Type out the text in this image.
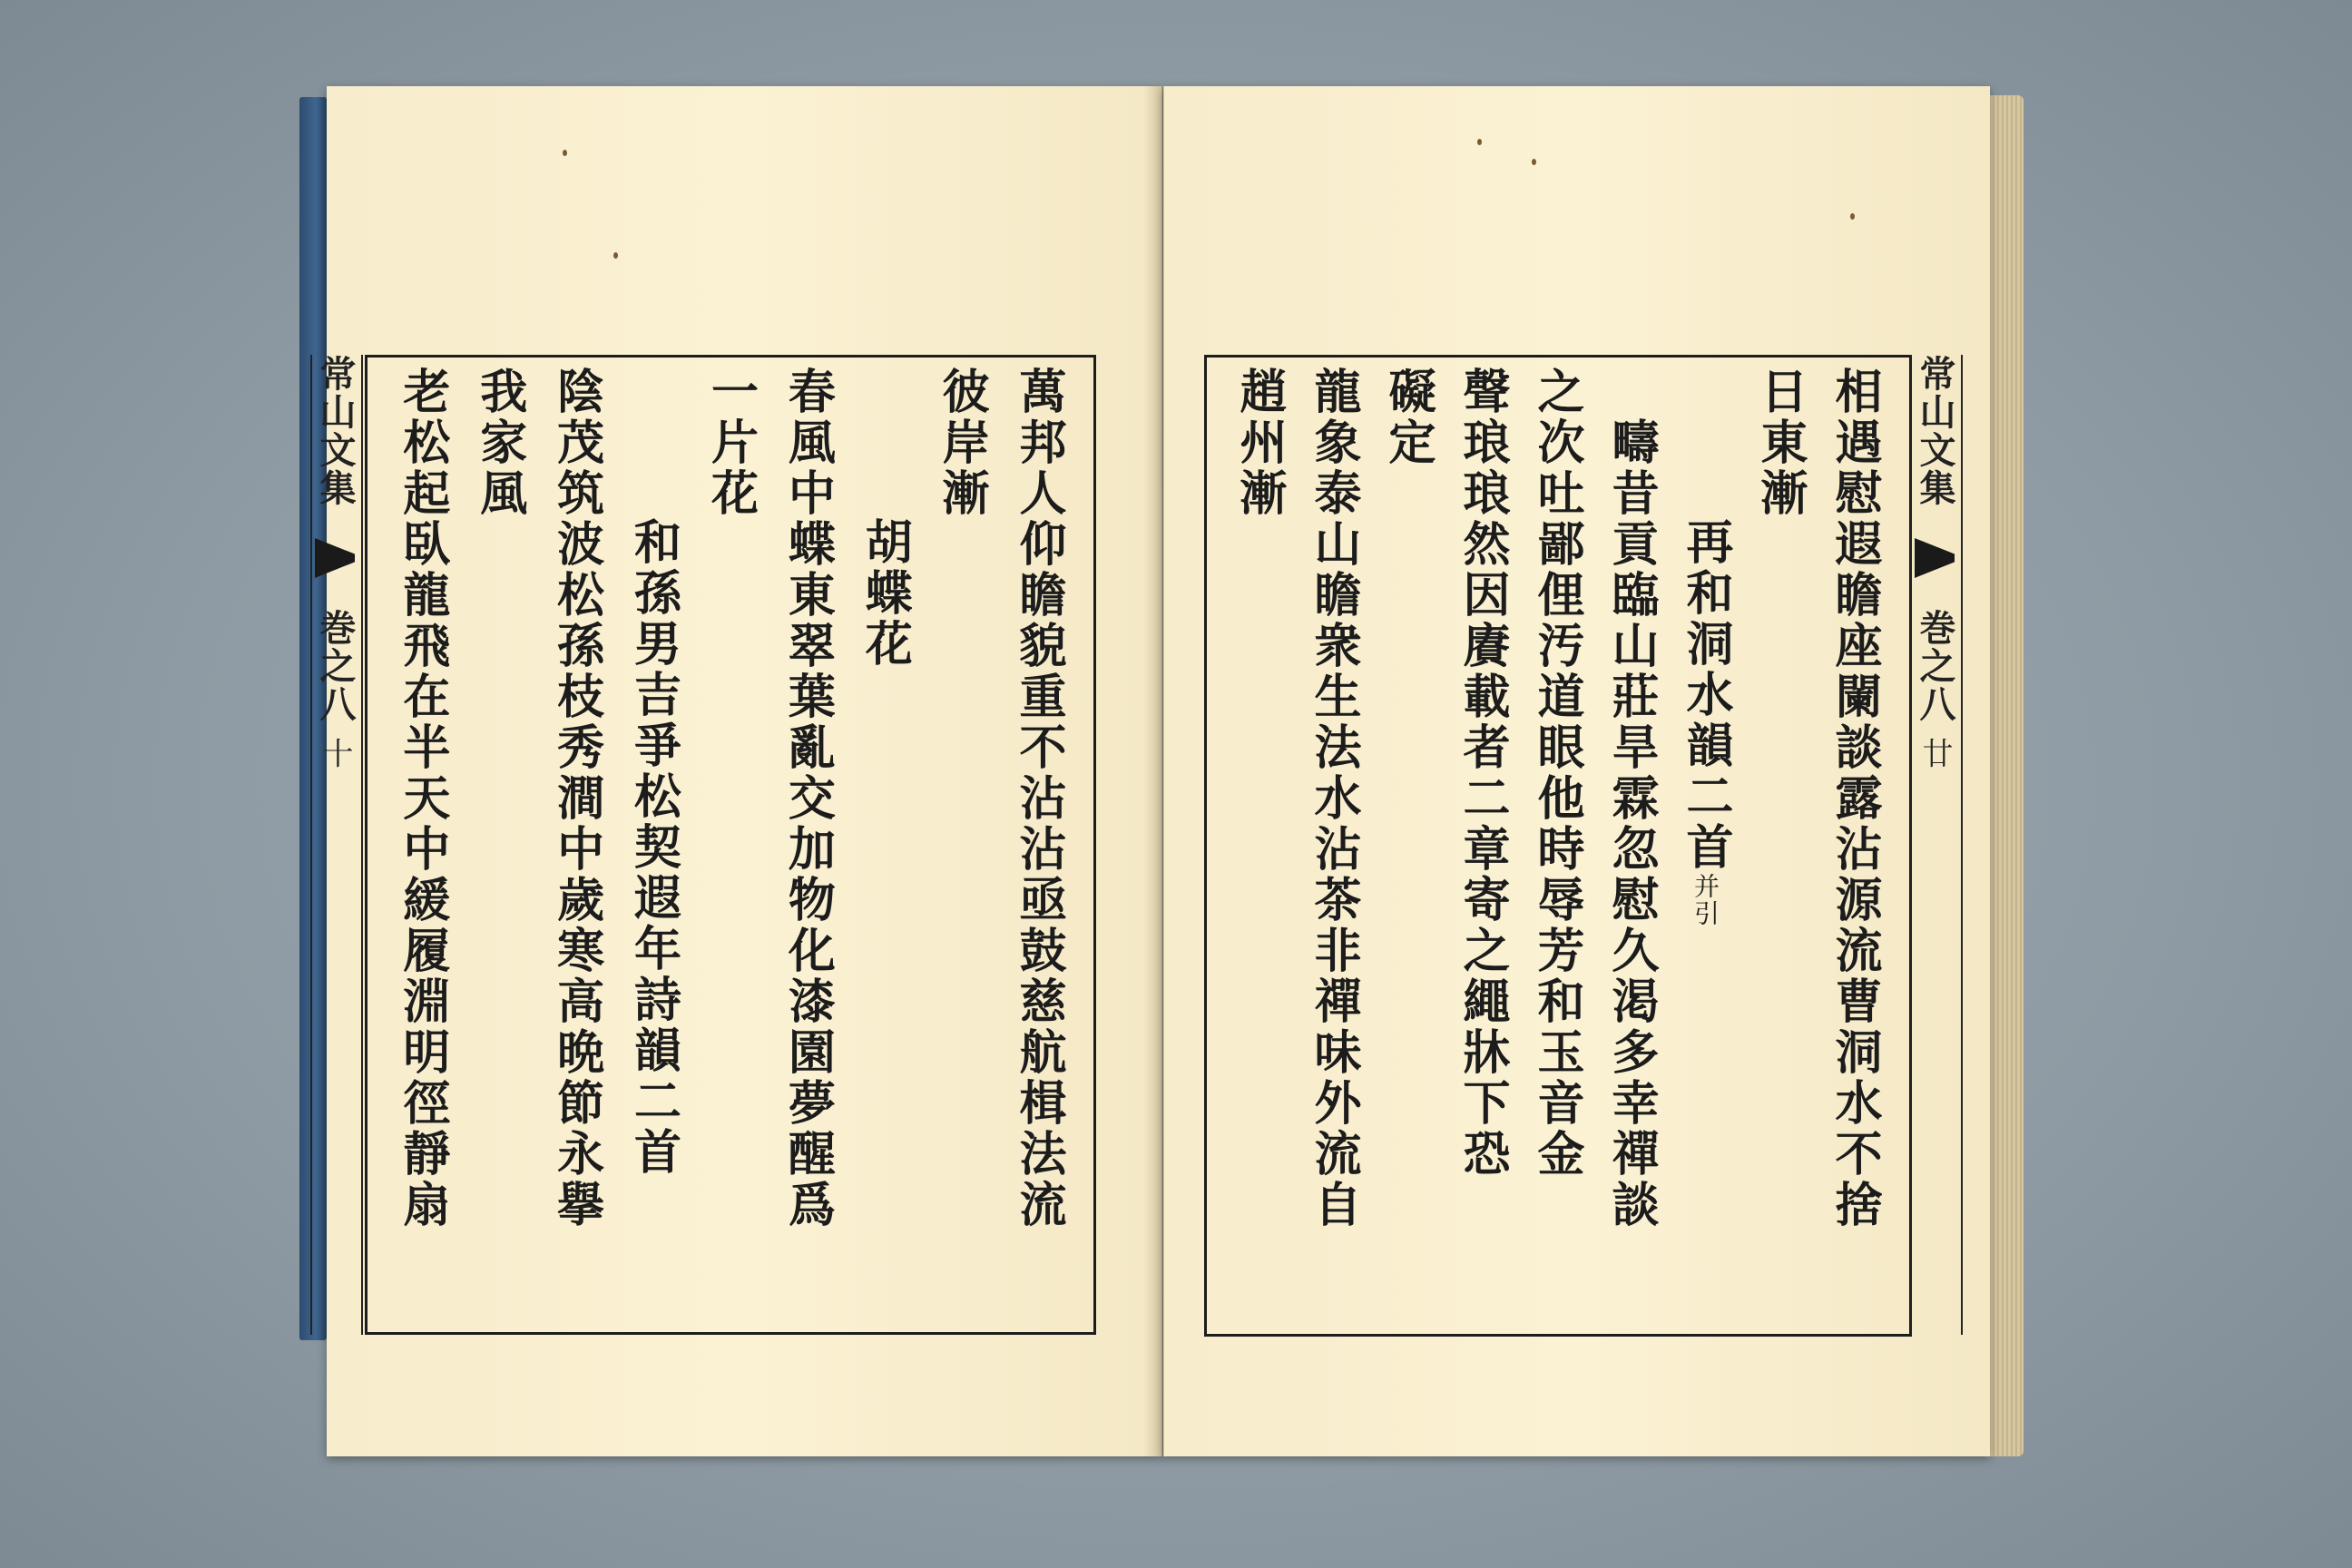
常山文集  巻之八 十	萬邦人仰瞻貌重不沾沾亟鼓慈航楫法流
彼岸漸
　胡蝶花
春風中蝶東翠葉亂交加物化漆園夢醒爲
一片花
　和孫男吉爭松契遐年詩韻二首
陰茂筑波松孫枝秀澗中歲寒高晩節永擧
我家風
老松起臥龍飛在半天中緩履淵明徑靜扇	相遇慰遐瞻座闌談露沾源流曹洞水不捨
日東漸
　再和洞水韻二首并引
疇昔貢臨山莊旱霖忽慰久渇多幸禪談
之次吐鄙俚汚道眼他時辱芳和玉音金
聲琅琅然因賡載者二章寄之繩牀下恐
礙定
龍象泰山瞻衆生法水沾茶非禪味外流自
趙州漸	常山文集  巻之八 廿
